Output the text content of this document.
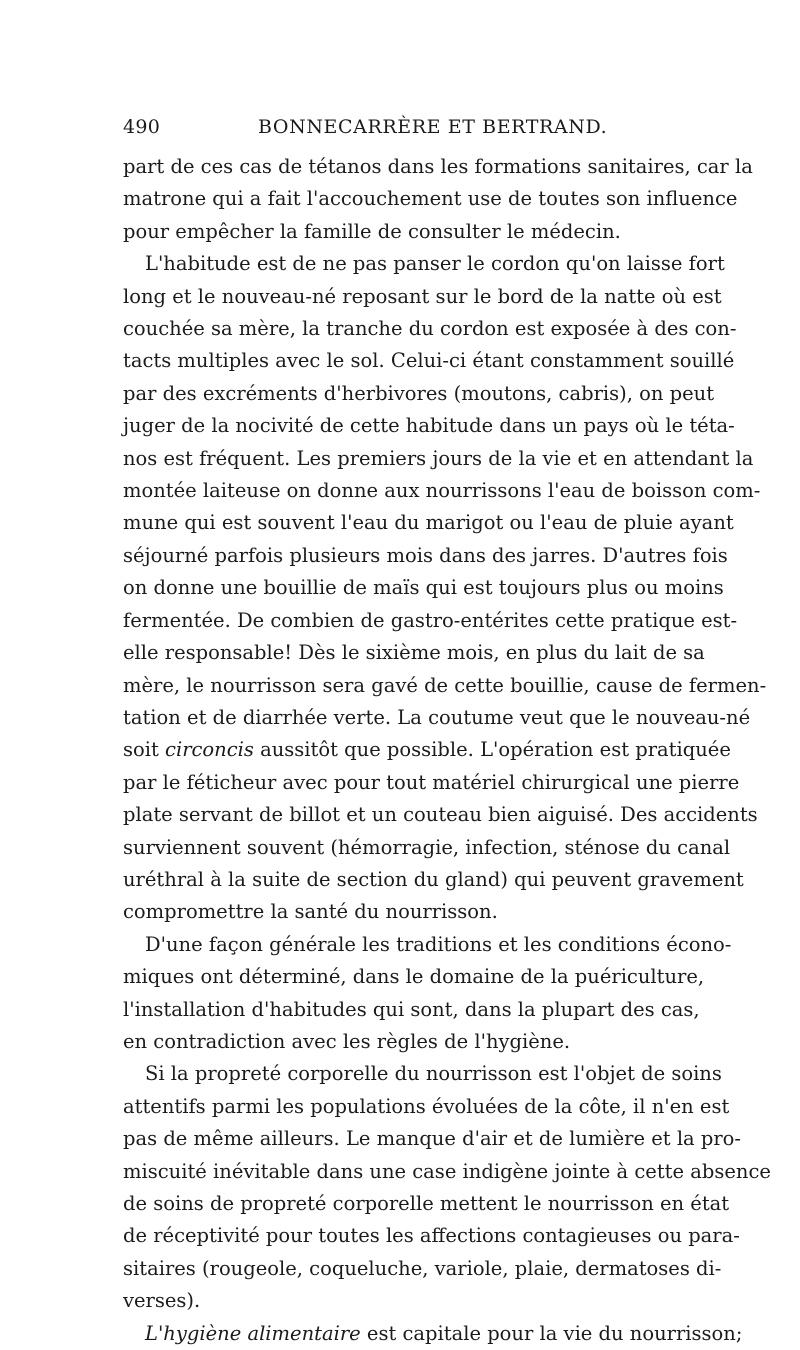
490	BONNECARRÈRE ET BERTRAND.
part de ces cas de tétanos dans les formations sanitaires, car la
matrone qui a fait l'accouchement use de toutes son influence
pour empêcher la famille de consulter le médecin.
L'habitude est de ne pas panser le cordon qu'on laisse fort
long et le nouveau-né reposant sur le bord de la natte où est
couchée sa mère, la tranche du cordon est exposée à des con-
tacts multiples avec le sol. Celui-ci étant constamment souillé
par des excréments d'herbivores (moutons, cabris), on peut
juger de la nocivité de cette habitude dans un pays où le téta-
nos est fréquent. Les premiers jours de la vie et en attendant la
montée laiteuse on donne aux nourrissons l'eau de boisson com-
mune qui est souvent l'eau du marigot ou l'eau de pluie ayant
séjourné parfois plusieurs mois dans des jarres. D'autres fois
on donne une bouillie de maïs qui est toujours plus ou moins
fermentée. De combien de gastro-entérites cette pratique est-
elle responsable! Dès le sixième mois, en plus du lait de sa
mère, le nourrisson sera gavé de cette bouillie, cause de fermen-
tation et de diarrhée verte. La coutume veut que le nouveau-né
soit circoncis aussitôt que possible. L'opération est pratiquée
par le féticheur avec pour tout matériel chirurgical une pierre
plate servant de billot et un couteau bien aiguisé. Des accidents
surviennent souvent (hémorragie, infection, sténose du canal
uréthral à la suite de section du gland) qui peuvent gravement
compromettre la santé du nourrisson.
D'une façon générale les traditions et les conditions écono-
miques ont déterminé, dans le domaine de la puériculture,
l'installation d'habitudes qui sont, dans la plupart des cas,
en contradiction avec les règles de l'hygiène.
Si la propreté corporelle du nourrisson est l'objet de soins
attentifs parmi les populations évoluées de la côte, il n'en est
pas de même ailleurs. Le manque d'air et de lumière et la pro-
miscuité inévitable dans une case indigène jointe à cette absence
de soins de propreté corporelle mettent le nourrisson en état
de réceptivité pour toutes les affections contagieuses ou para-
sitaires (rougeole, coqueluche, variole, plaie, dermatoses di-
verses).
L'hygiène alimentaire est capitale pour la vie du nourrisson;
